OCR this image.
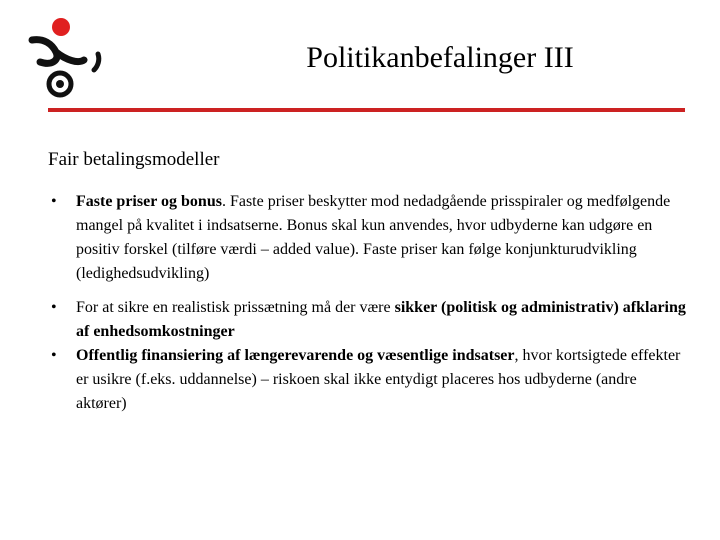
Politikanbefalinger III
Fair betalingsmodeller
• Faste priser og bonus. Faste priser beskytter mod nedadgående prisspiraler og medfølgende mangel på kvalitet i indsatserne. Bonus skal kun anvendes, hvor udbyderne kan udgøre en positiv forskel (tilføre værdi – added value). Faste priser kan følge konjunkturudvikling (ledighedsudvikling)
• For at sikre en realistisk prissætning må der være sikker (politisk og administrativ) afklaring af enhedsomkostninger
• Offentlig finansiering af længerevarende og væsentlige indsatser, hvor kortsigtede effekter er usikre (f.eks. uddannelse) – riskoen skal ikke entydigt placeres hos udbyderne (andre aktører)
